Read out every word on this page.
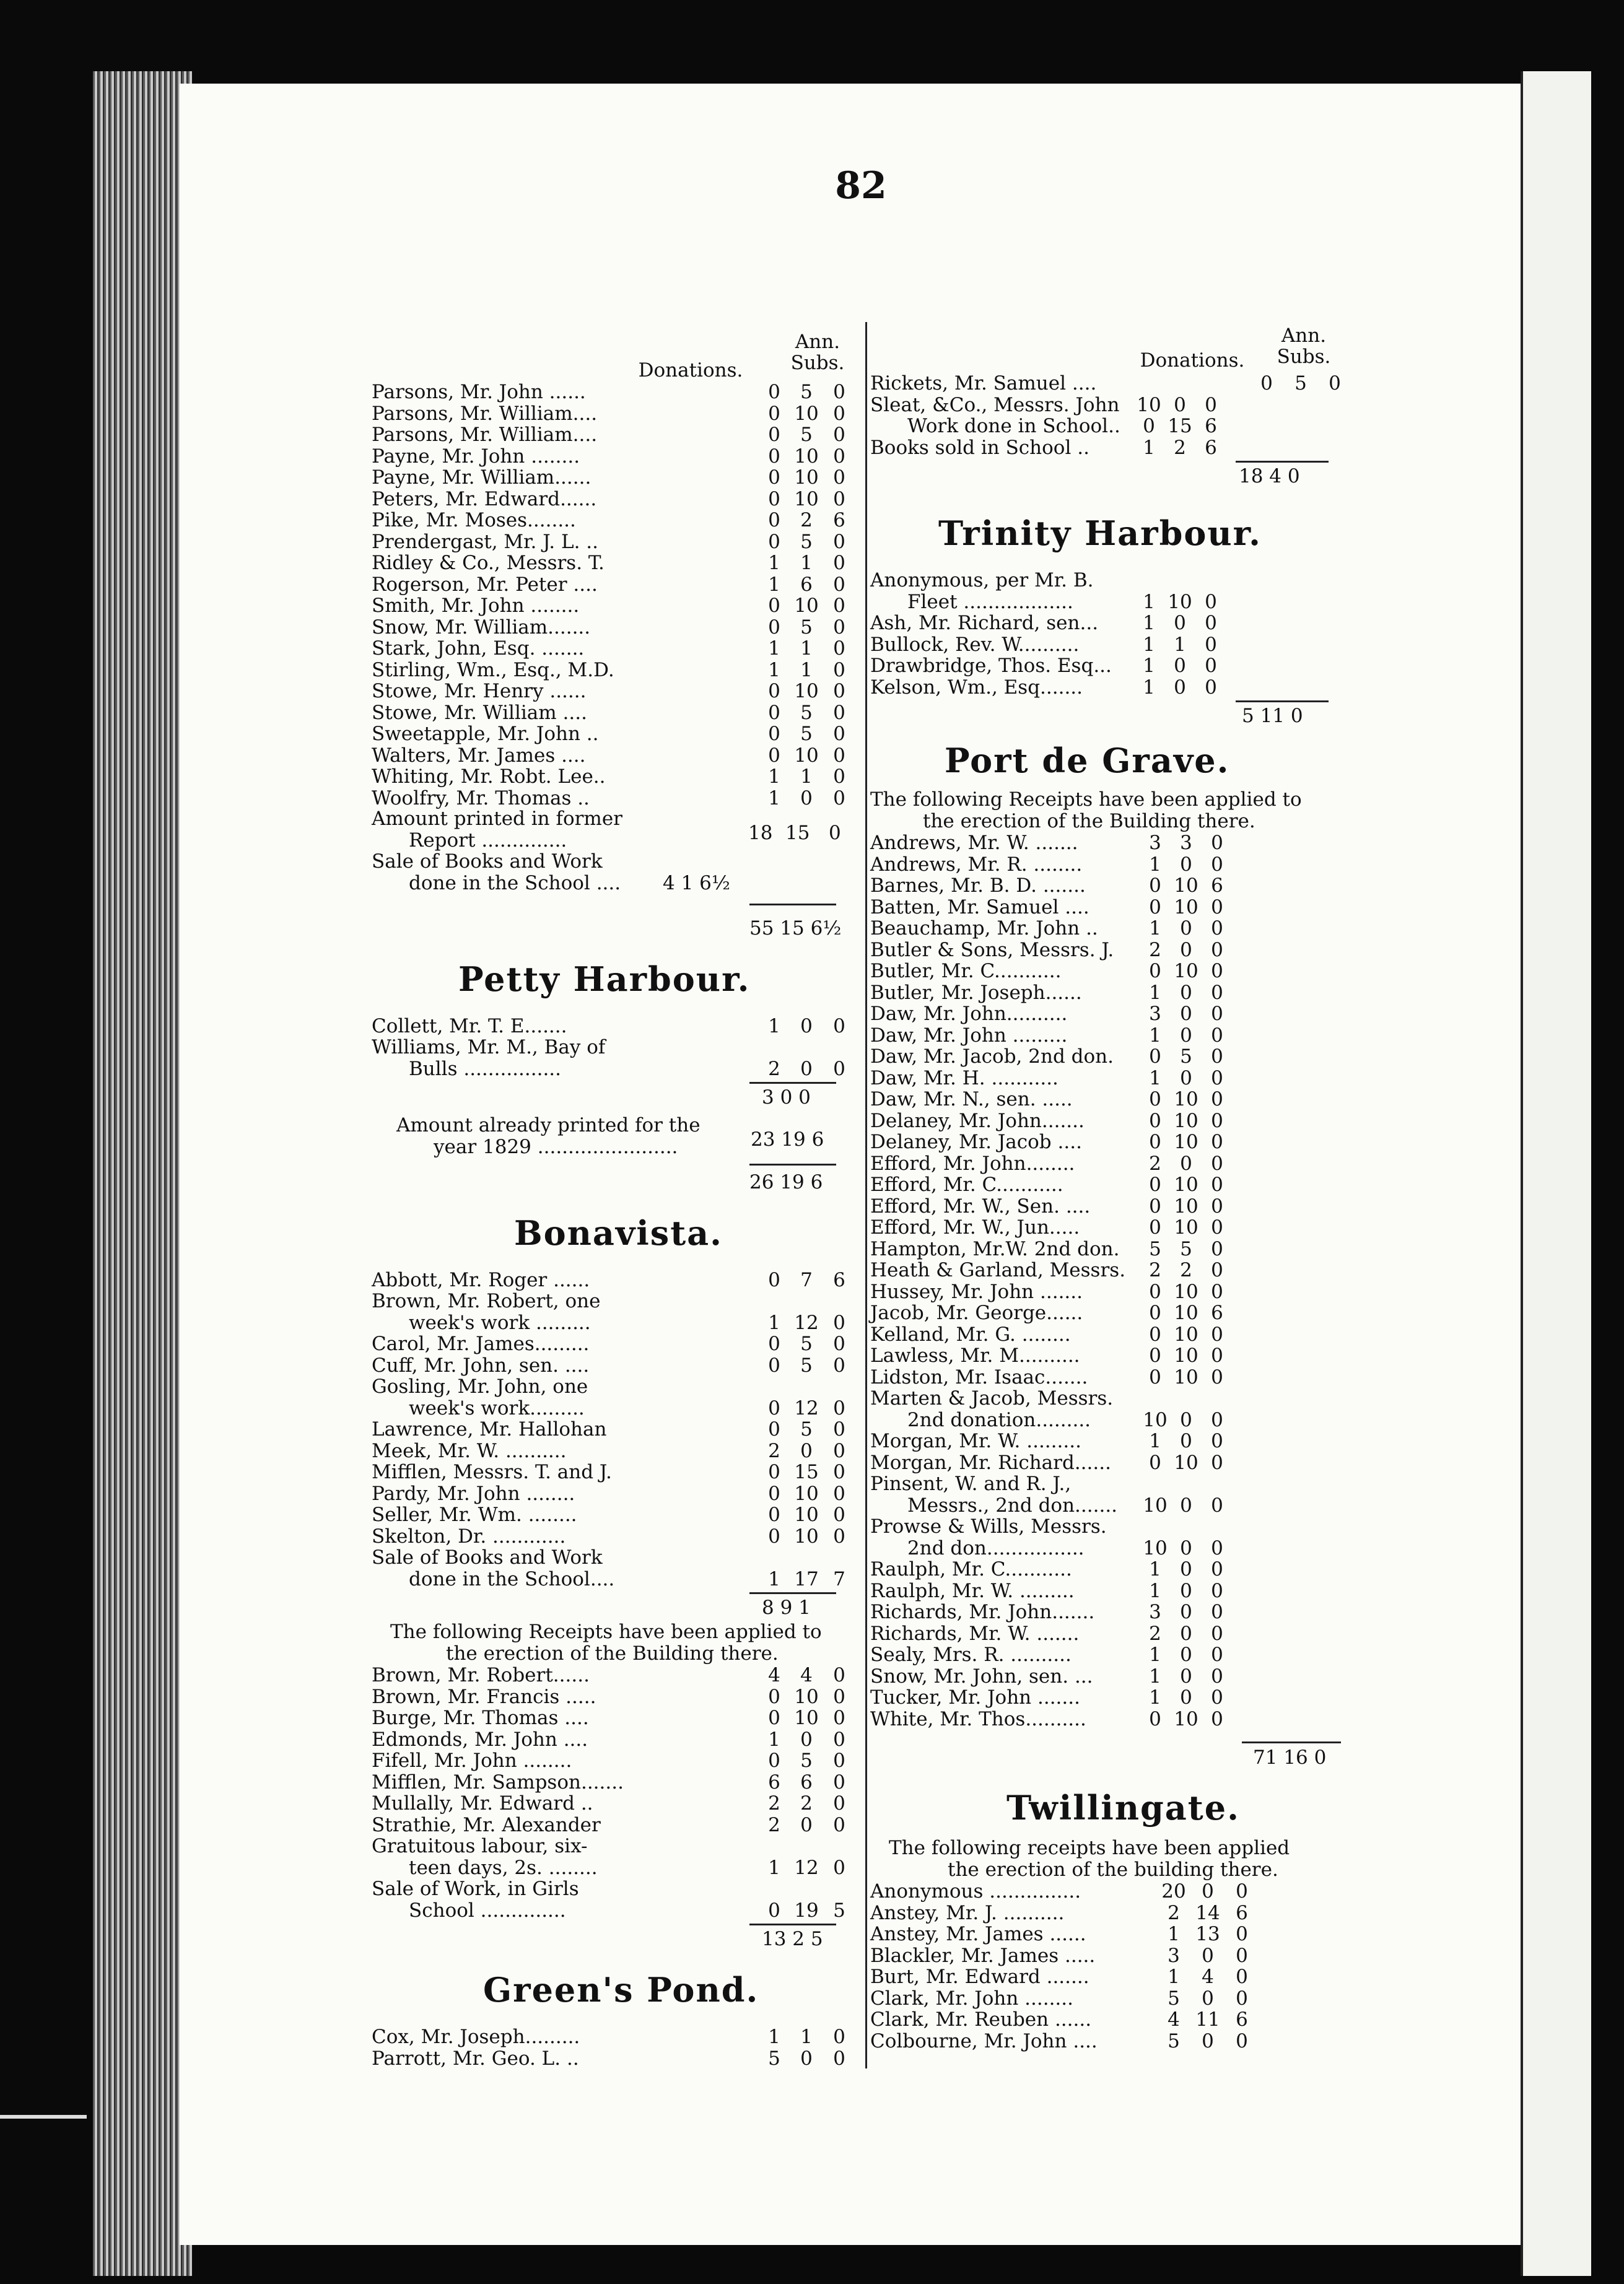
82
Ann.
Donations.	Subs.
Parsons, Mr. John ......	0	5	0
Parsons, Mr. William....	0 10 0
Parsons, Mr. William....	0	5	0
Payne, Mr. John ........	0 10 0
Payne, Mr. William......	0 10 0
Peters, Mr. Edward......	0 10 0
Pike, Mr. Moses........	0	2	6
Prendergast, Mr. J. L. ..	0	5	0
Ridley & Co., Messrs. T.	1	1	0
Rogerson, Mr. Peter ....	1	6	0
Smith, Mr. John ........	0 10 0
Snow, Mr. William.......	0	5	0
Stark, John, Esq. .......	1	1	0
Stirling, Wm., Esq., M.D.	1	1	0
Stowe, Mr. Henry ......	0 10 0
Stowe, Mr. William ....	0	5	0
Sweetapple, Mr. John ..	0	5	0
Walters, Mr. James ....	0 10 0
Whiting, Mr. Robt. Lee..	1	1	0
Woolfry, Mr. Thomas ..	1	0	0
Amount printed in former
Report ..............	18 15 0
Sale of Books and Work
done in the School .... 4 1 6½
55 15 6½
Petty Harbour.
Collett, Mr. T. E.......	1	0	0
Williams, Mr. M., Bay of
Bulls ................	2	0	0
3 0 0
Amount already printed for the
year 1829 .......................	23 19 6
26 19 6
Bonavista.
Abbott, Mr. Roger ......	0	7	6
Brown, Mr. Robert, one
week's work .........	1 12 0
Carol, Mr. James.........	0	5	0
Cuff, Mr. John, sen. ....	0	5	0
Gosling, Mr. John, one
week's work.........	0 12 0
Lawrence, Mr. Hallohan	0	5	0
Meek, Mr. W. ..........	2	0	0
Mifflen, Messrs. T. and J.	0 15 0
Pardy, Mr. John ........	0 10 0
Seller, Mr. Wm. ........	0 10 0
Skelton, Dr. ............	0 10 0
Sale of Books and Work
done in the School....	1 17 7
8 9 1
The following Receipts have been applied to
the erection of the Building there.
Brown, Mr. Robert......	4	4	0
Brown, Mr. Francis .....	0 10 0
Burge, Mr. Thomas ....	0 10 0
Edmonds, Mr. John ....	1	0	0
Fifell, Mr. John ........	0	5	0
Mifflen, Mr. Sampson.......	6	6	0
Mullally, Mr. Edward ..	2	2	0
Strathie, Mr. Alexander	2	0	0
Gratuitous labour, six-
teen days, 2s. ........	1 12 0
Sale of Work, in Girls
School ..............	0 19 5
13 2 5
Green's Pond.
Cox, Mr. Joseph.........	1	1	0
Parrott, Mr. Geo. L. ..	5	0	0
Ann.
Donations.	Subs.
Rickets, Mr. Samuel ....	0	5	0
Sleat, &Co., Messrs. John 10 0 0
Work done in School..	0 15 6
Books sold in School ..	1 2 6
18 4 0
Trinity Harbour.
Anonymous, per Mr. B.
Fleet ..................	1 10 0
Ash, Mr. Richard, sen...	1 0 0
Bullock, Rev. W..........	1 1 0
Drawbridge, Thos. Esq...	1 0 0
Kelson, Wm., Esq.......	1 0 0
5 11 0
Port de Grave.
The following Receipts have been applied to
the erection of the Building there.
Andrews, Mr. W. .......	3 3 0
Andrews, Mr. R. ........	1 0 0
Barnes, Mr. B. D. .......	0 10 6
Batten, Mr. Samuel ....	0 10 0
Beauchamp, Mr. John ..	1 0 0
Butler & Sons, Messrs. J.	2 0 0
Butler, Mr. C...........	0 10 0
Butler, Mr. Joseph......	1 0 0
Daw, Mr. John..........	3 0 0
Daw, Mr. John .........	1 0 0
Daw, Mr. Jacob, 2nd don.	0 5 0
Daw, Mr. H. ...........	1 0 0
Daw, Mr. N., sen. .....	0 10 0
Delaney, Mr. John.......	0 10 0
Delaney, Mr. Jacob ....	0 10 0
Efford, Mr. John........	2 0 0
Efford, Mr. C...........	0 10 0
Efford, Mr. W., Sen. ....	0 10 0
Efford, Mr. W., Jun.....	0 10 0
Hampton, Mr.W. 2nd don.	5 5 0
Heath & Garland, Messrs.	2 2 0
Hussey, Mr. John .......	0 10 0
Jacob, Mr. George......	0 10 6
Kelland, Mr. G. ........	0 10 0
Lawless, Mr. M..........	0 10 0
Lidston, Mr. Isaac.......	0 10 0
Marten & Jacob, Messrs.
2nd donation.........	10 0 0
Morgan, Mr. W. .........	1 0 0
Morgan, Mr. Richard......	0 10 0
Pinsent, W. and R. J.,
Messrs., 2nd don....... 10 0 0
Prowse & Wills, Messrs.
2nd don................	10 0 0
Raulph, Mr. C...........	1 0 0
Raulph, Mr. W. .........	1 0 0
Richards, Mr. John.......	3 0 0
Richards, Mr. W. .......	2 0 0
Sealy, Mrs. R. ..........	1 0 0
Snow, Mr. John, sen. ...	1 0 0
Tucker, Mr. John .......	1 0 0
White, Mr. Thos..........	0 10 0
71 16 0
Twillingate.
The following receipts have been applied
the erection of the building there.
Anonymous ...............	20 0	0
Anstey, Mr. J. ..........	2 14 6
Anstey, Mr. James ......	1 13 0
Blackler, Mr. James .....	3	0	0
Burt, Mr. Edward .......	1	4	0
Clark, Mr. John ........	5	0	0
Clark, Mr. Reuben ......	4 11 6
Colbourne, Mr. John ....	5	0	0
